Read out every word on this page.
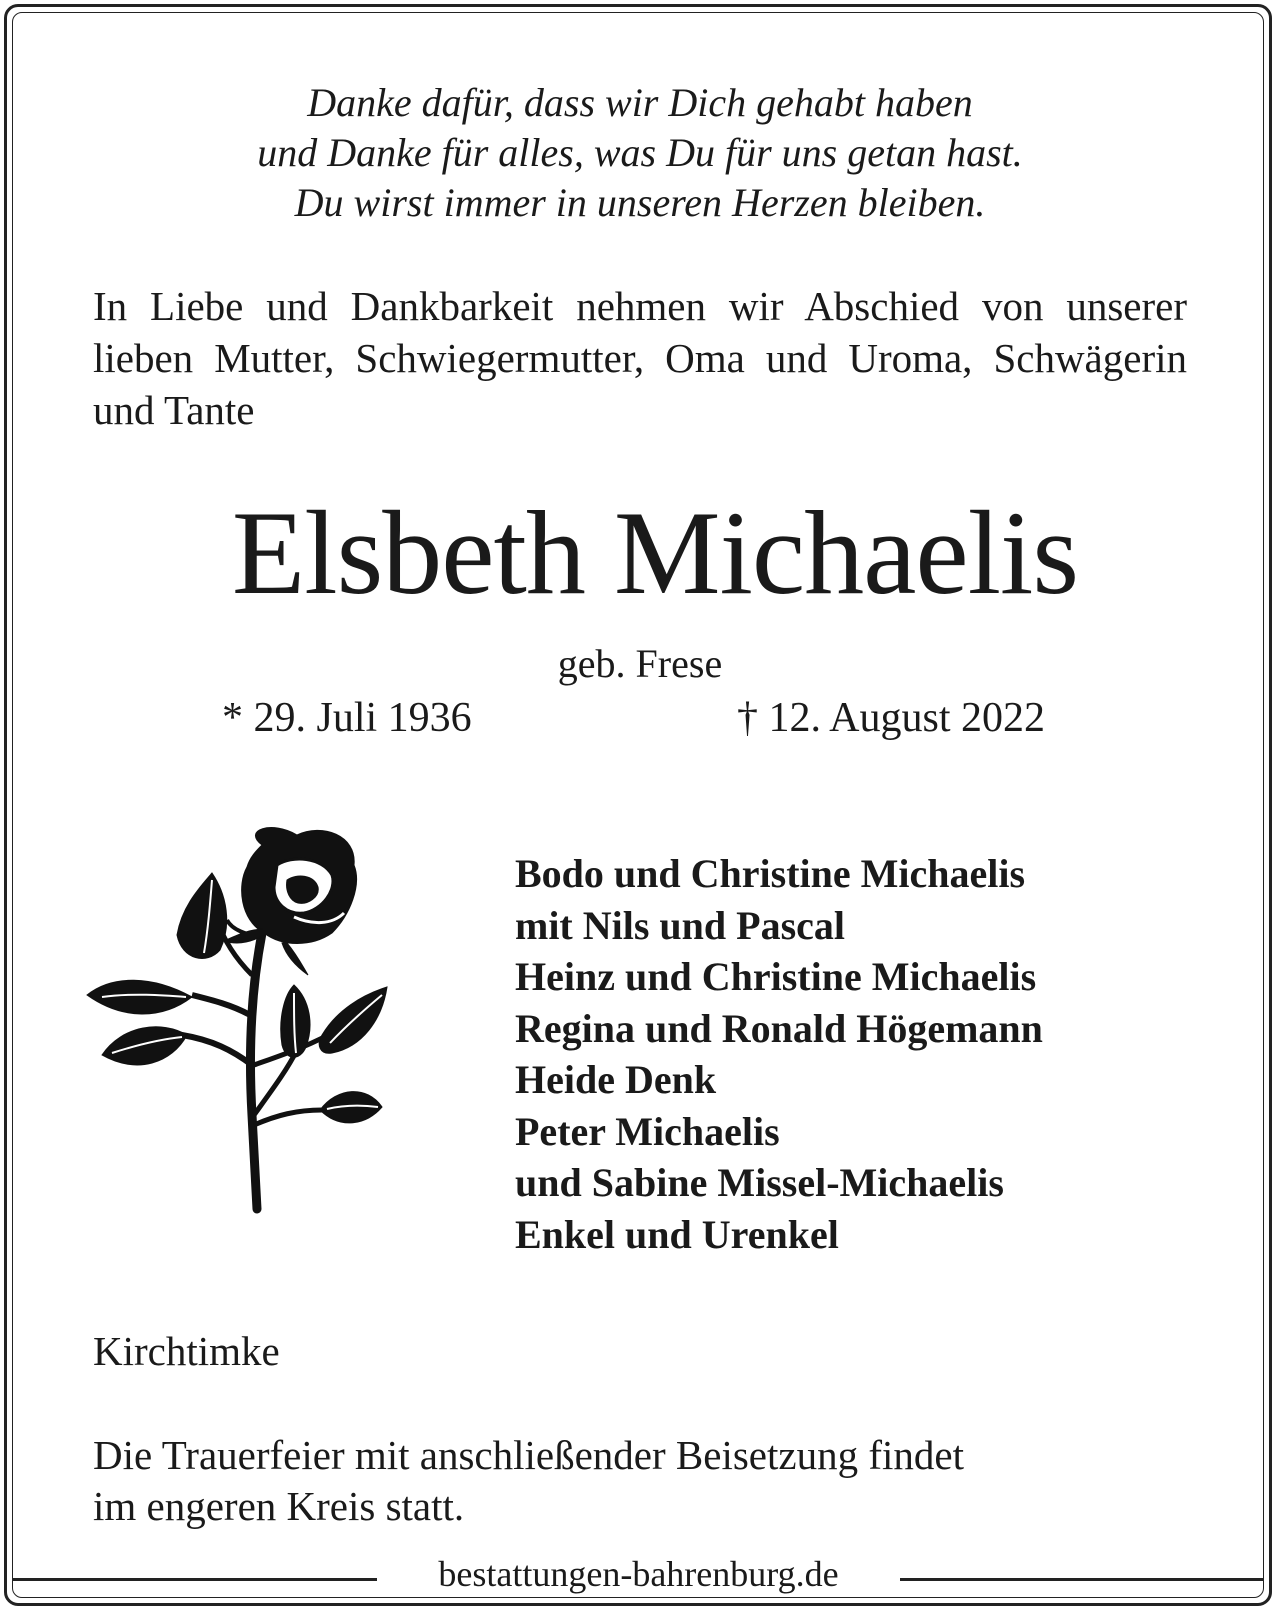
Danke dafür, dass wir Dich gehabt haben
und Danke für alles, was Du für uns getan hast.
Du wirst immer in unseren Herzen bleiben.
In Liebe und Dankbarkeit nehmen wir Abschied von unserer lieben Mutter, Schwiegermutter, Oma und Uroma, Schwägerin und Tante
Elsbeth Michaelis
geb. Frese
* 29. Juli 1936	† 12. August 2022
Bodo und Christine Michaelis
mit Nils und Pascal
Heinz und Christine Michaelis
Regina und Ronald Högemann
Heide Denk
Peter Michaelis
und Sabine Missel-Michaelis
Enkel und Urenkel
Kirchtimke
Die Trauerfeier mit anschließender Beisetzung findet
im engeren Kreis statt.
bestattungen-bahrenburg.de
